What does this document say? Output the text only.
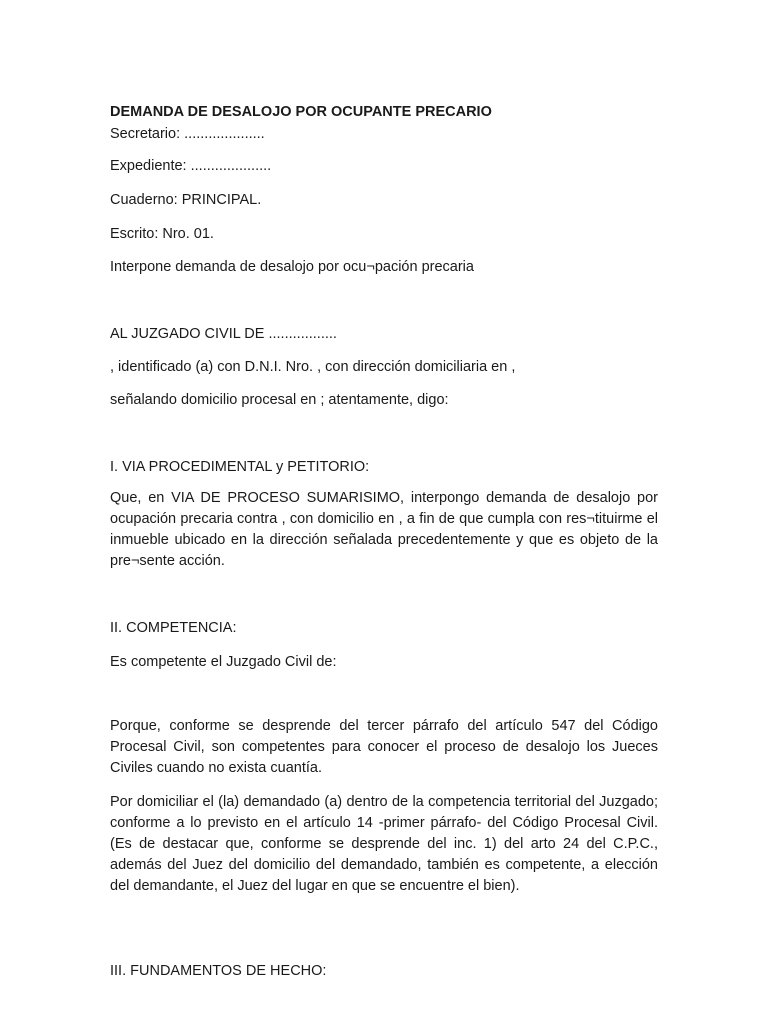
DEMANDA DE DESALOJO POR OCUPANTE PRECARIO

Secretario: ....................

Expediente: ....................

Cuaderno: PRINCIPAL.

Escrito: Nro. 01.

Interpone demanda de desalojo por ocu¬pación precaria

AL JUZGADO CIVIL DE .................

, identificado (a) con D.N.I. Nro. , con dirección domiciliaria en ,

señalando domicilio procesal en ; atentamente, digo:

I. VIA PROCEDIMENTAL y PETITORIO:

Que, en VIA DE PROCESO SUMARISIMO, interpongo demanda de desalojo por ocupación precaria contra , con domicilio en , a fin de que cumpla con res¬tituirme el inmueble ubicado en la dirección señalada precedentemente y que es objeto de la pre¬sente acción.

II. COMPETENCIA:

Es competente el Juzgado Civil de:

Porque, conforme se desprende del tercer párrafo del artículo 547 del Código Procesal Civil, son competentes para conocer el proceso de desalojo los Jueces Civiles cuando no exista cuantía.

Por domiciliar el (la) demandado (a) dentro de la competencia territorial del Juzgado; conforme a lo previsto en el artículo 14 -primer párrafo- del Código Procesal Civil. (Es de destacar que, conforme se desprende del inc. 1) del arto 24 del C.P.C., además del Juez del domicilio del demandado, también es competente, a elección del demandante, el Juez del lugar en que se encuentre el bien).

III. FUNDAMENTOS DE HECHO:
